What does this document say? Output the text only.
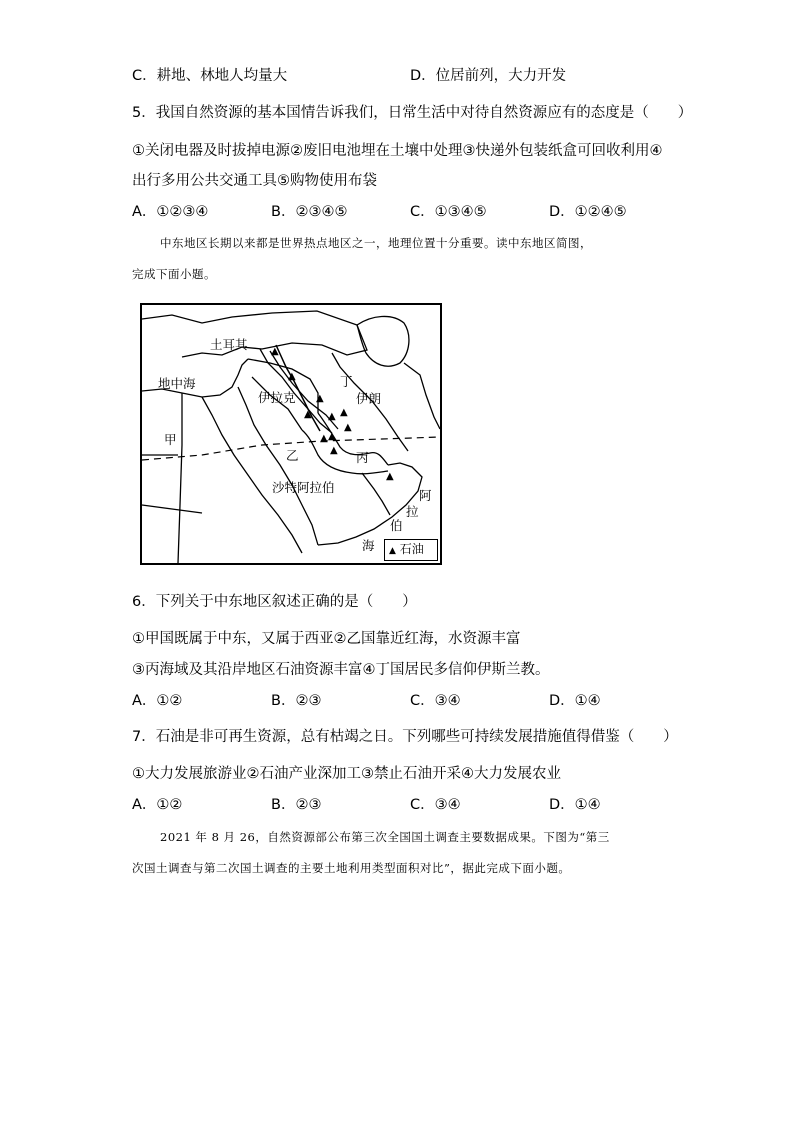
C．耕地、林地人均量大	D．位居前列，大力开发
5．我国自然资源的基本国情告诉我们，日常生活中对待自然资源应有的态度是（　　）
①关闭电器及时拔掉电源②废旧电池埋在土壤中处理③快递外包装纸盒可回收利用④
出行多用公共交通工具⑤购物使用布袋
A．①②③④	B．②③④⑤	C．①③④⑤	D．①②④⑤
中东地区长期以来都是世界热点地区之一，地理位置十分重要。读中东地区简图，
完成下面小题。
▲
▲
▲
▲ ▲ ▲
▲
▲ ▲
▲
▲
土耳其
地中海
伊拉克
丁
伊朗
甲
乙	丙
沙特阿拉伯
阿
拉
伯
海	▲ 石油
6．下列关于中东地区叙述正确的是（　　）
①甲国既属于中东，又属于西亚②乙国靠近红海，水资源丰富
③丙海域及其沿岸地区石油资源丰富④丁国居民多信仰伊斯兰教。
A．①②	B．②③	C．③④	D．①④
7．石油是非可再生资源，总有枯竭之日。下列哪些可持续发展措施值得借鉴（　　）
①大力发展旅游业②石油产业深加工③禁止石油开采④大力发展农业
A．①②	B．②③	C．③④	D．①④
2021 年 8 月 26，自然资源部公布第三次全国国土调查主要数据成果。下图为“第三
次国土调查与第二次国土调查的主要土地利用类型面积对比”，据此完成下面小题。
